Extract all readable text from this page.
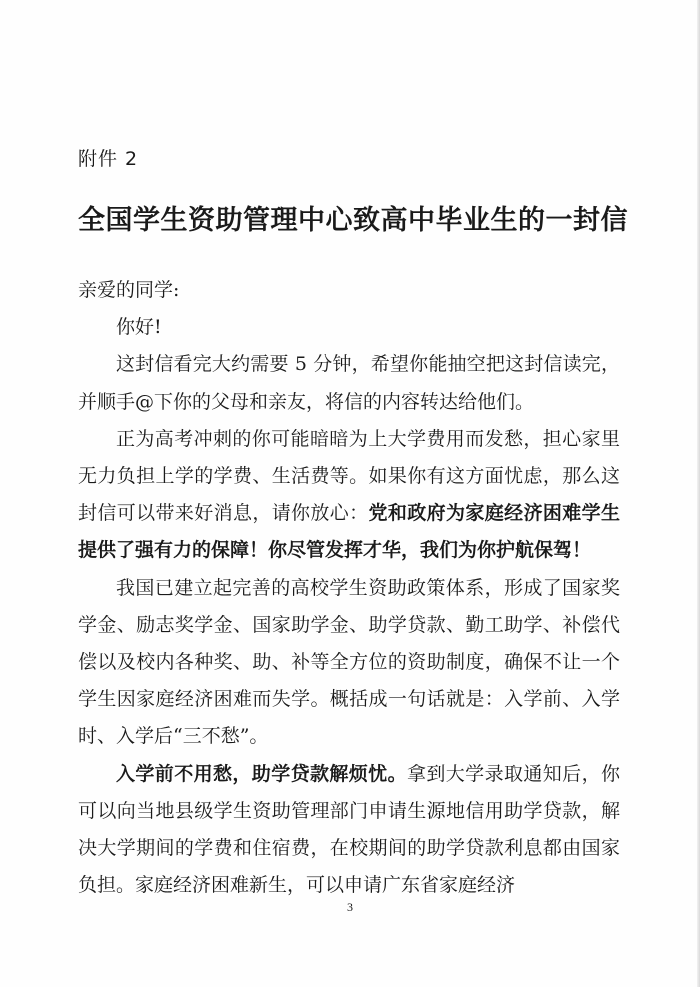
附件 2
全国学生资助管理中心致高中毕业生的一封信

亲爱的同学:

你好!

这封信看完大约需要 5 分钟，希望你能抽空把这封信读完，并顺手@下你的父母和亲友，将信的内容转达给他们。

正为高考冲刺的你可能暗暗为上大学费用而发愁，担心家里无力负担上学的学费、生活费等。如果你有这方面忧虑，那么这封信可以带来好消息，请你放心：党和政府为家庭经济困难学生提供了强有力的保障！你尽管发挥才华，我们为你护航保驾！

我国已建立起完善的高校学生资助政策体系，形成了国家奖学金、励志奖学金、国家助学金、助学贷款、勤工助学、补偿代偿以及校内各种奖、助、补等全方位的资助制度，确保不让一个学生因家庭经济困难而失学。概括成一句话就是：入学前、入学时、入学后“三不愁”。

入学前不用愁，助学贷款解烦忧。拿到大学录取通知后，你可以向当地县级学生资助管理部门申请生源地信用助学贷款，解决大学期间的学费和住宿费，在校期间的助学贷款利息都由国家负担。家庭经济困难新生，可以申请广东省家庭经济

3
